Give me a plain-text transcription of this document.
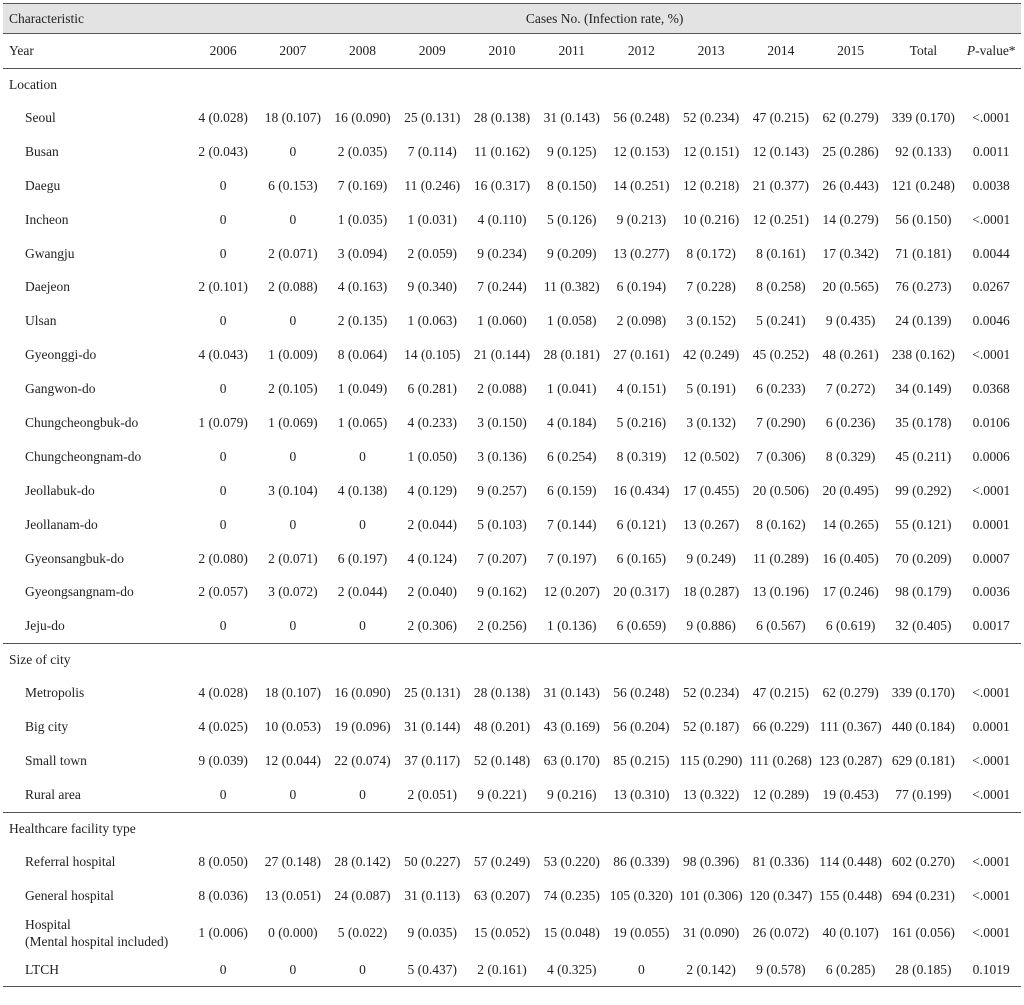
Characteristic	Cases No. (Infection rate, %)											
Year	2006	2007	2008	2009	2010	2011	2012	2013	2014	2015	Total	P-value*
Location												
Seoul	4 (0.028)	18 (0.107)	16 (0.090)	25 (0.131)	28 (0.138)	31 (0.143)	56 (0.248)	52 (0.234)	47 (0.215)	62 (0.279)	339 (0.170)	<.0001
Busan	2 (0.043)	0	2 (0.035)	7 (0.114)	11 (0.162)	9 (0.125)	12 (0.153)	12 (0.151)	12 (0.143)	25 (0.286)	92 (0.133)	0.0011
Daegu	0	6 (0.153)	7 (0.169)	11 (0.246)	16 (0.317)	8 (0.150)	14 (0.251)	12 (0.218)	21 (0.377)	26 (0.443)	121 (0.248)	0.0038
Incheon	0	0	1 (0.035)	1 (0.031)	4 (0.110)	5 (0.126)	9 (0.213)	10 (0.216)	12 (0.251)	14 (0.279)	56 (0.150)	<.0001
Gwangju	0	2 (0.071)	3 (0.094)	2 (0.059)	9 (0.234)	9 (0.209)	13 (0.277)	8 (0.172)	8 (0.161)	17 (0.342)	71 (0.181)	0.0044
Daejeon	2 (0.101)	2 (0.088)	4 (0.163)	9 (0.340)	7 (0.244)	11 (0.382)	6 (0.194)	7 (0.228)	8 (0.258)	20 (0.565)	76 (0.273)	0.0267
Ulsan	0	0	2 (0.135)	1 (0.063)	1 (0.060)	1 (0.058)	2 (0.098)	3 (0.152)	5 (0.241)	9 (0.435)	24 (0.139)	0.0046
Gyeonggi-do	4 (0.043)	1 (0.009)	8 (0.064)	14 (0.105)	21 (0.144)	28 (0.181)	27 (0.161)	42 (0.249)	45 (0.252)	48 (0.261)	238 (0.162)	<.0001
Gangwon-do	0	2 (0.105)	1 (0.049)	6 (0.281)	2 (0.088)	1 (0.041)	4 (0.151)	5 (0.191)	6 (0.233)	7 (0.272)	34 (0.149)	0.0368
Chungcheongbuk-do	1 (0.079)	1 (0.069)	1 (0.065)	4 (0.233)	3 (0.150)	4 (0.184)	5 (0.216)	3 (0.132)	7 (0.290)	6 (0.236)	35 (0.178)	0.0106
Chungcheongnam-do	0	0	0	1 (0.050)	3 (0.136)	6 (0.254)	8 (0.319)	12 (0.502)	7 (0.306)	8 (0.329)	45 (0.211)	0.0006
Jeollabuk-do	0	3 (0.104)	4 (0.138)	4 (0.129)	9 (0.257)	6 (0.159)	16 (0.434)	17 (0.455)	20 (0.506)	20 (0.495)	99 (0.292)	<.0001
Jeollanam-do	0	0	0	2 (0.044)	5 (0.103)	7 (0.144)	6 (0.121)	13 (0.267)	8 (0.162)	14 (0.265)	55 (0.121)	0.0001
Gyeonsangbuk-do	2 (0.080)	2 (0.071)	6 (0.197)	4 (0.124)	7 (0.207)	7 (0.197)	6 (0.165)	9 (0.249)	11 (0.289)	16 (0.405)	70 (0.209)	0.0007
Gyeongsangnam-do	2 (0.057)	3 (0.072)	2 (0.044)	2 (0.040)	9 (0.162)	12 (0.207)	20 (0.317)	18 (0.287)	13 (0.196)	17 (0.246)	98 (0.179)	0.0036
Jeju-do	0	0	0	2 (0.306)	2 (0.256)	1 (0.136)	6 (0.659)	9 (0.886)	6 (0.567)	6 (0.619)	32 (0.405)	0.0017
Size of city												
Metropolis	4 (0.028)	18 (0.107)	16 (0.090)	25 (0.131)	28 (0.138)	31 (0.143)	56 (0.248)	52 (0.234)	47 (0.215)	62 (0.279)	339 (0.170)	<.0001
Big city	4 (0.025)	10 (0.053)	19 (0.096)	31 (0.144)	48 (0.201)	43 (0.169)	56 (0.204)	52 (0.187)	66 (0.229)	111 (0.367)	440 (0.184)	0.0001
Small town	9 (0.039)	12 (0.044)	22 (0.074)	37 (0.117)	52 (0.148)	63 (0.170)	85 (0.215)	115 (0.290)	111 (0.268)	123 (0.287)	629 (0.181)	<.0001
Rural area	0	0	0	2 (0.051)	9 (0.221)	9 (0.216)	13 (0.310)	13 (0.322)	12 (0.289)	19 (0.453)	77 (0.199)	<.0001
Healthcare facility type												
Referral hospital	8 (0.050)	27 (0.148)	28 (0.142)	50 (0.227)	57 (0.249)	53 (0.220)	86 (0.339)	98 (0.396)	81 (0.336)	114 (0.448)	602 (0.270)	<.0001
General hospital	8 (0.036)	13 (0.051)	24 (0.087)	31 (0.113)	63 (0.207)	74 (0.235)	105 (0.320)	101 (0.306)	120 (0.347)	155 (0.448)	694 (0.231)	<.0001
Hospital
(Mental hospital included)	1 (0.006)	0 (0.000)	5 (0.022)	9 (0.035)	15 (0.052)	15 (0.048)	19 (0.055)	31 (0.090)	26 (0.072)	40 (0.107)	161 (0.056)	<.0001
LTCH	0	0	0	5 (0.437)	2 (0.161)	4 (0.325)	0	2 (0.142)	9 (0.578)	6 (0.285)	28 (0.185)	0.1019
